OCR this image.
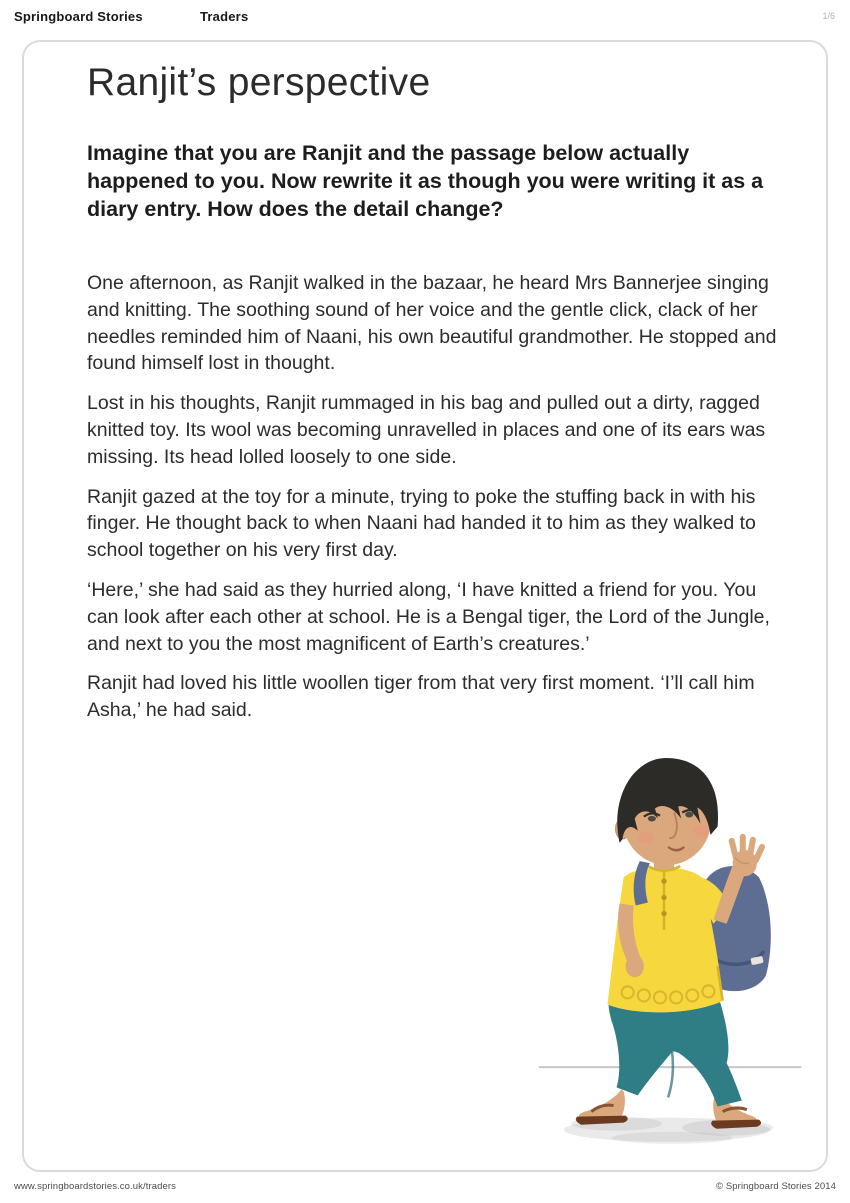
Springboard Stories	Traders	1/6
Ranjit’s perspective
Imagine that you are Ranjit and the passage below actually happened to you. Now rewrite it as though you were writing it as a diary entry. How does the detail change?

One afternoon, as Ranjit walked in the bazaar, he heard Mrs Bannerjee singing and knitting. The soothing sound of her voice and the gentle click, clack of her needles reminded him of Naani, his own beautiful grandmother. He stopped and found himself lost in thought.

Lost in his thoughts, Ranjit rummaged in his bag and pulled out a dirty, ragged knitted toy. Its wool was becoming unravelled in places and one of its ears was missing. Its head lolled loosely to one side.

Ranjit gazed at the toy for a minute, trying to poke the stuffing back in with his finger. He thought back to when Naani had handed it to him as they walked to school together on his very first day.

‘Here,’ she had said as they hurried along, ‘I have knitted a friend for you. You can look after each other at school. He is a Bengal tiger, the Lord of the Jungle, and next to you the most magnificent of Earth’s creatures.’

Ranjit had loved his little woollen tiger from that very first moment. ‘I’ll call him Asha,’ he had said.

www.springboardstories.co.uk/traders	© Springboard Stories 2014
